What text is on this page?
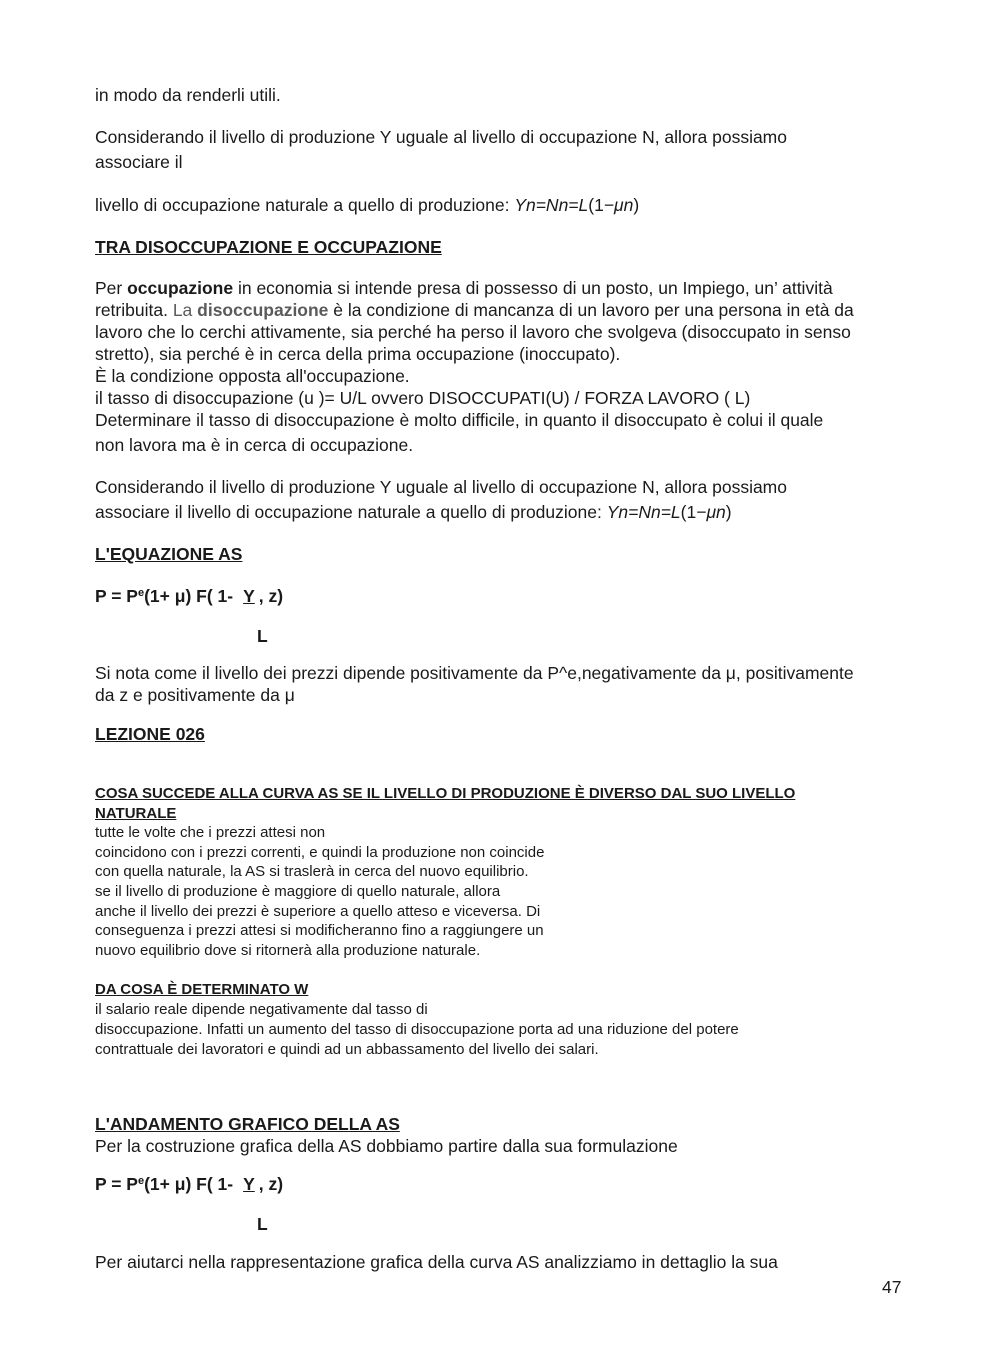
in modo da renderli utili.
Considerando il livello di produzione Y uguale al livello di occupazione N, allora possiamo
associare il
livello di occupazione naturale a quello di produzione: Yn=Nn=L(1−μn)
TRA DISOCCUPAZIONE E OCCUPAZIONE
Per occupazione in economia si intende presa di possesso di un posto, un Impiego, un’ attività
retribuita. La disoccupazione è la condizione di mancanza di un lavoro per una persona in età da
lavoro che lo cerchi attivamente, sia perché ha perso il lavoro che svolgeva (disoccupato in senso
stretto), sia perché è in cerca della prima occupazione (inoccupato).
È la condizione opposta all'occupazione.
il tasso di disoccupazione (u )= U/L ovvero DISOCCUPATI(U) / FORZA LAVORO ( L)
Determinare il tasso di disoccupazione è molto difficile, in quanto il disoccupato è colui il quale
non lavora ma è in cerca di occupazione.
Considerando il livello di produzione Y uguale al livello di occupazione N, allora possiamo
associare il livello di occupazione naturale a quello di produzione: Yn=Nn=L(1−μn)
L'EQUAZIONE AS
$P = P^e(1+ \mu)$ F( 1- Y , z)
L
Si nota come il livello dei prezzi dipende positivamente da P^e,negativamente da μ, positivamente
da z e positivamente da μ
LEZIONE 026
COSA SUCCEDE ALLA CURVA AS SE IL LIVELLO DI PRODUZIONE È DIVERSO DAL SUO LIVELLO
NATURALE
tutte le volte che i prezzi attesi non
coincidono con i prezzi correnti, e quindi la produzione non coincide
con quella naturale, la AS si traslerà in cerca del nuovo equilibrio.
se il livello di produzione è maggiore di quello naturale, allora
anche il livello dei prezzi è superiore a quello atteso e viceversa. Di
conseguenza i prezzi attesi si modificheranno fino a raggiungere un
nuovo equilibrio dove si ritornerà alla produzione naturale.
DA COSA È DETERMINATO W
il salario reale dipende negativamente dal tasso di
disoccupazione. Infatti un aumento del tasso di disoccupazione porta ad una riduzione del potere
contrattuale dei lavoratori e quindi ad un abbassamento del livello dei salari.
L'ANDAMENTO GRAFICO DELLA AS
Per la costruzione grafica della AS dobbiamo partire dalla sua formulazione
$P = P^e(1+ \mu)$ F( 1- Y , z)
L
Per aiutarci nella rappresentazione grafica della curva AS analizziamo in dettaglio la sua
47
